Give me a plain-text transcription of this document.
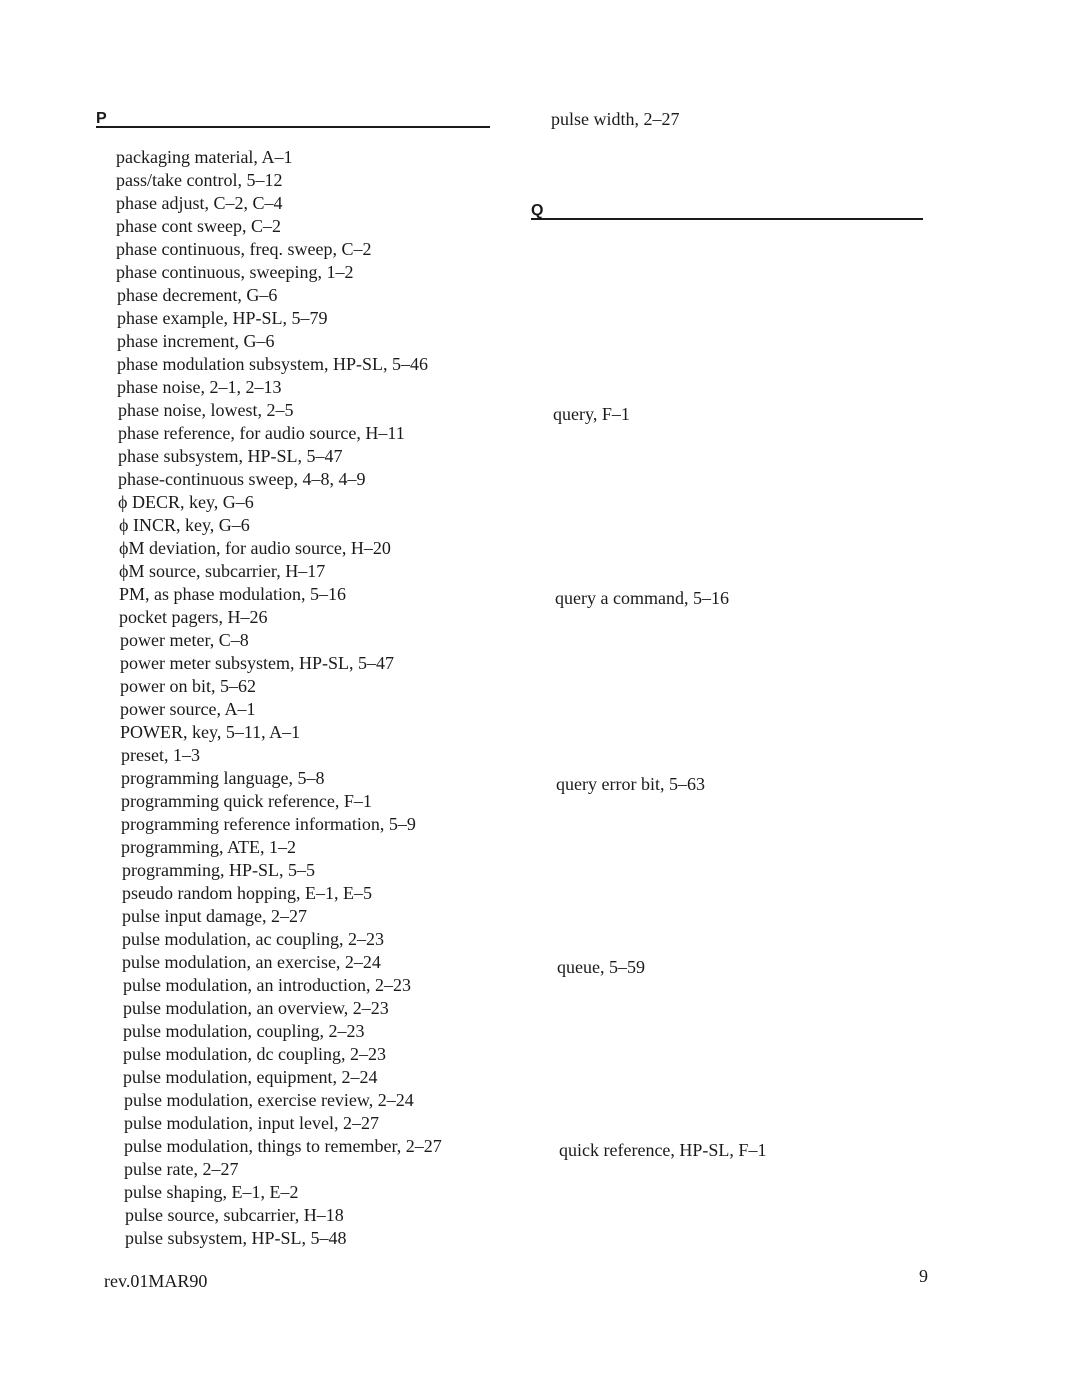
P
packaging material, A–1
pass/take control, 5–12
phase adjust, C–2, C–4
phase cont sweep, C–2
phase continuous, freq. sweep, C–2
phase continuous, sweeping, 1–2
phase decrement, G–6
phase example, HP-SL, 5–79
phase increment, G–6
phase modulation subsystem, HP-SL, 5–46
phase noise, 2–1, 2–13
phase noise, lowest, 2–5
phase reference, for audio source, H–11
phase subsystem, HP-SL, 5–47
phase-continuous sweep, 4–8, 4–9
ϕ DECR, key, G–6
ϕ INCR, key, G–6
ϕM deviation, for audio source, H–20
ϕM source, subcarrier, H–17
PM, as phase modulation, 5–16
pocket pagers, H–26
power meter, C–8
power meter subsystem, HP-SL, 5–47
power on bit, 5–62
power source, A–1
POWER, key, 5–11, A–1
preset, 1–3
programming language, 5–8
programming quick reference, F–1
programming reference information, 5–9
programming, ATE, 1–2
programming, HP-SL, 5–5
pseudo random hopping, E–1, E–5
pulse input damage, 2–27
pulse modulation, ac coupling, 2–23
pulse modulation, an exercise, 2–24
pulse modulation, an introduction, 2–23
pulse modulation, an overview, 2–23
pulse modulation, coupling, 2–23
pulse modulation, dc coupling, 2–23
pulse modulation, equipment, 2–24
pulse modulation, exercise review, 2–24
pulse modulation, input level, 2–27
pulse modulation, things to remember, 2–27
pulse rate, 2–27
pulse shaping, E–1, E–2
pulse source, subcarrier, H–18
pulse subsystem, HP-SL, 5–48
pulse width, 2–27
Q
query, F–1
query a command, 5–16
query error bit, 5–63
queue, 5–59
quick reference, HP-SL, F–1
rev.01MAR90	9
